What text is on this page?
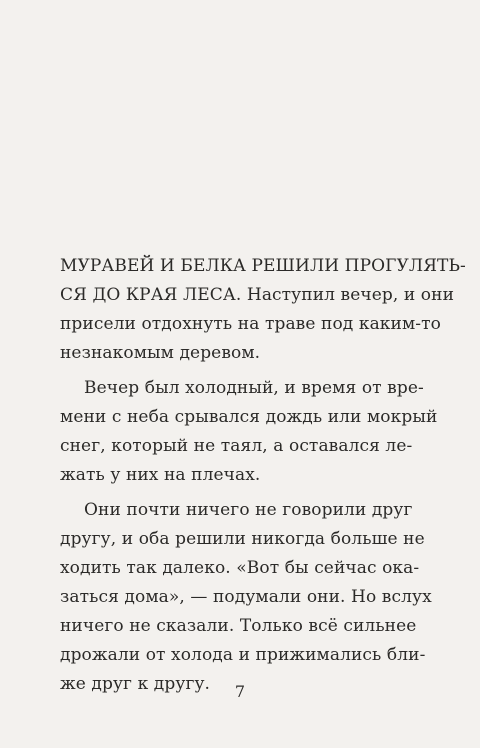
МУРАВЕЙ И БЕЛКА РЕШИЛИ ПРОГУЛЯТЬ-
СЯ ДО КРАЯ ЛЕСА. Наступил вечер, и они
присели отдохнуть на траве под каким-то
незнакомым деревом.
Вечер был холодный, и время от вре-
мени с неба срывался дождь или мокрый
снег, который не таял, а оставался ле-
жать у них на плечах.
Они почти ничего не говорили друг
другу, и оба решили никогда больше не
ходить так далеко. «Вот бы сейчас ока-
заться дома», — подумали они. Но вслух
ничего не сказали. Только всё сильнее
дрожали от холода и прижимались бли-
же друг к другу.	7
